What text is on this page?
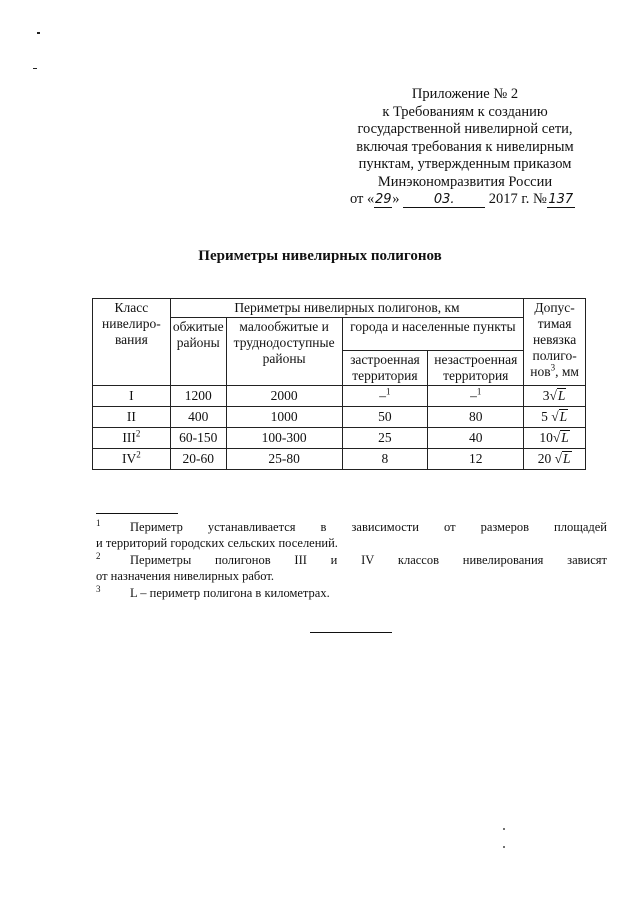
Приложение № 2
к Требованиям к созданию
государственной нивелирной сети,
включая требования к нивелирным
пунктам, утвержденным приказом
Минэкономразвития России
от «29»	03. 2017 г. № 137
Периметры нивелирных полигонов
Класс нивелиро-вания	Периметры нивелирных полигонов, км				Допус-тимая невязка полиго-нов$^3$, мм
	обжитые районы	малообжитые и труднодоступные районы	города и населенные пункты		
			застроенная территория	незастроенная территория	
I	1200	2000	–$^1$	–$^1$	3√L
II	400	1000	50	80	5 √L
III$^2$	60-150	100-300	25	40	10√L
$IV^2$	20-60	25-80	8	12	20 √L

$^1$ Периметр устанавливается в зависимости от размеров площадей

и территорий городских сельских поселений.

$^2$ Периметры полигонов III и IV классов нивелирования зависят

от назначения нивелирных работ.

$^3$ L – периметр полигона в километрах.
